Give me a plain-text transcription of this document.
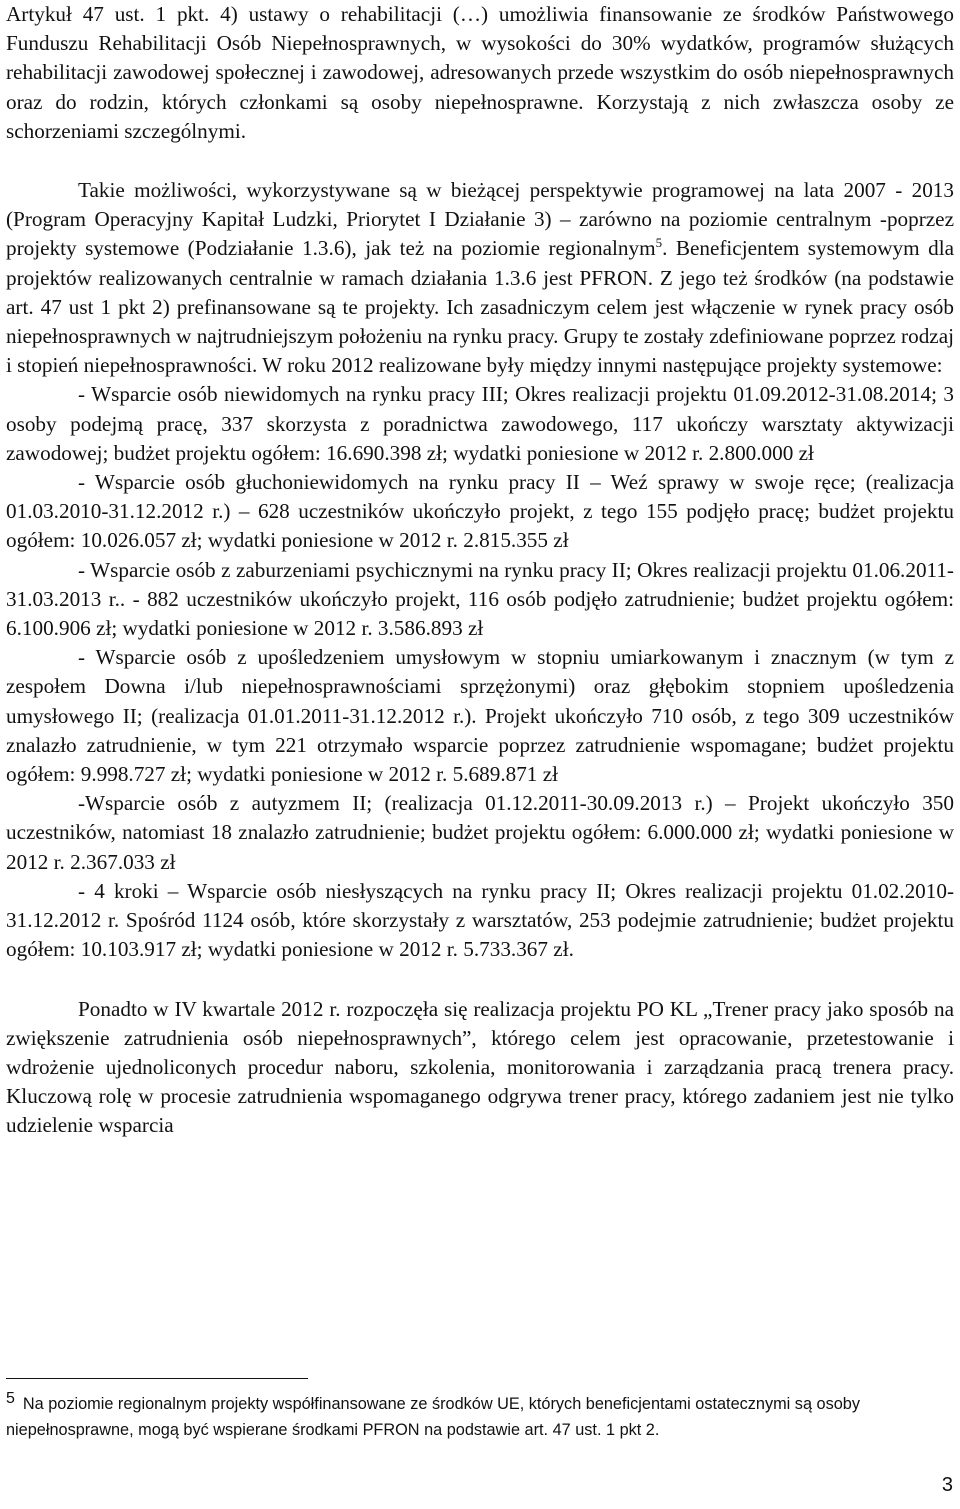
Artykuł 47 ust. 1 pkt. 4) ustawy o rehabilitacji (…) umożliwia finansowanie ze środków Państwowego Funduszu Rehabilitacji Osób Niepełnosprawnych, w wysokości do 30% wydatków, programów służących rehabilitacji zawodowej społecznej i zawodowej, adresowanych przede wszystkim do osób niepełnosprawnych oraz do rodzin, których członkami są osoby niepełnosprawne. Korzystają z nich zwłaszcza osoby ze schorzeniami szczególnymi.

Takie możliwości, wykorzystywane są w bieżącej perspektywie programowej na lata 2007 - 2013 (Program Operacyjny Kapitał Ludzki, Priorytet I Działanie 3) – zarówno na poziomie centralnym -poprzez projekty systemowe (Podziałanie 1.3.6), jak też na poziomie regionalnym$^5$. Beneficjentem systemowym dla projektów realizowanych centralnie w ramach działania 1.3.6 jest PFRON. Z jego też środków (na podstawie art. 47 ust 1 pkt 2) prefinansowane są te projekty. Ich zasadniczym celem jest włączenie w rynek pracy osób niepełnosprawnych w najtrudniejszym położeniu na rynku pracy. Grupy te zostały zdefiniowane poprzez rodzaj i stopień niepełnosprawności. W roku 2012 realizowane były między innymi następujące projekty systemowe:

- Wsparcie osób niewidomych na rynku pracy III; Okres realizacji projektu 01.09.2012-31.08.2014; 3 osoby podejmą pracę, 337 skorzysta z poradnictwa zawodowego, 117 ukończy warsztaty aktywizacji zawodowej; budżet projektu ogółem: 16.690.398 zł; wydatki poniesione w 2012 r. 2.800.000 zł

- Wsparcie osób głuchoniewidomych na rynku pracy II – Weź sprawy w swoje ręce; (realizacja 01.03.2010-31.12.2012 r.) – 628 uczestników ukończyło projekt, z tego 155 podjęło pracę; budżet projektu ogółem: 10.026.057 zł; wydatki poniesione w 2012 r. 2.815.355 zł

- Wsparcie osób z zaburzeniami psychicznymi na rynku pracy II; Okres realizacji projektu 01.06.2011-31.03.2013 r.. - 882 uczestników ukończyło projekt, 116 osób podjęło zatrudnienie; budżet projektu ogółem: 6.100.906 zł; wydatki poniesione w 2012 r. 3.586.893 zł

- Wsparcie osób z upośledzeniem umysłowym w stopniu umiarkowanym i znacznym (w tym z zespołem Downa i/lub niepełnosprawnościami sprzężonymi) oraz głębokim stopniem upośledzenia umysłowego II; (realizacja 01.01.2011-31.12.2012 r.). Projekt ukończyło 710 osób, z tego 309 uczestników znalazło zatrudnienie, w tym 221 otrzymało wsparcie poprzez zatrudnienie wspomagane; budżet projektu ogółem: 9.998.727 zł; wydatki poniesione w 2012 r. 5.689.871 zł

-Wsparcie osób z autyzmem II; (realizacja 01.12.2011-30.09.2013 r.) – Projekt ukończyło 350 uczestników, natomiast 18 znalazło zatrudnienie; budżet projektu ogółem: 6.000.000 zł; wydatki poniesione w 2012 r. 2.367.033 zł

- 4 kroki – Wsparcie osób niesłyszących na rynku pracy II; Okres realizacji projektu 01.02.2010-31.12.2012 r. Spośród 1124 osób, które skorzystały z warsztatów, 253 podejmie zatrudnienie; budżet projektu ogółem: 10.103.917 zł; wydatki poniesione w 2012 r. 5.733.367 zł.

Ponadto w IV kwartale 2012 r. rozpoczęła się realizacja projektu PO KL „Trener pracy jako sposób na zwiększenie zatrudnienia osób niepełnosprawnych”, którego celem jest opracowanie, przetestowanie i wdrożenie ujednoliconych procedur naboru, szkolenia, monitorowania i zarządzania pracą trenera pracy. Kluczową rolę w procesie zatrudnienia wspomaganego odgrywa trener pracy, którego zadaniem jest nie tylko udzielenie wsparcia

5 Na poziomie regionalnym projekty współfinansowane ze środków UE, których beneficjentami ostatecznymi są osoby niepełnosprawne, mogą być wspierane środkami PFRON na podstawie art. 47 ust. 1 pkt 2.

3
